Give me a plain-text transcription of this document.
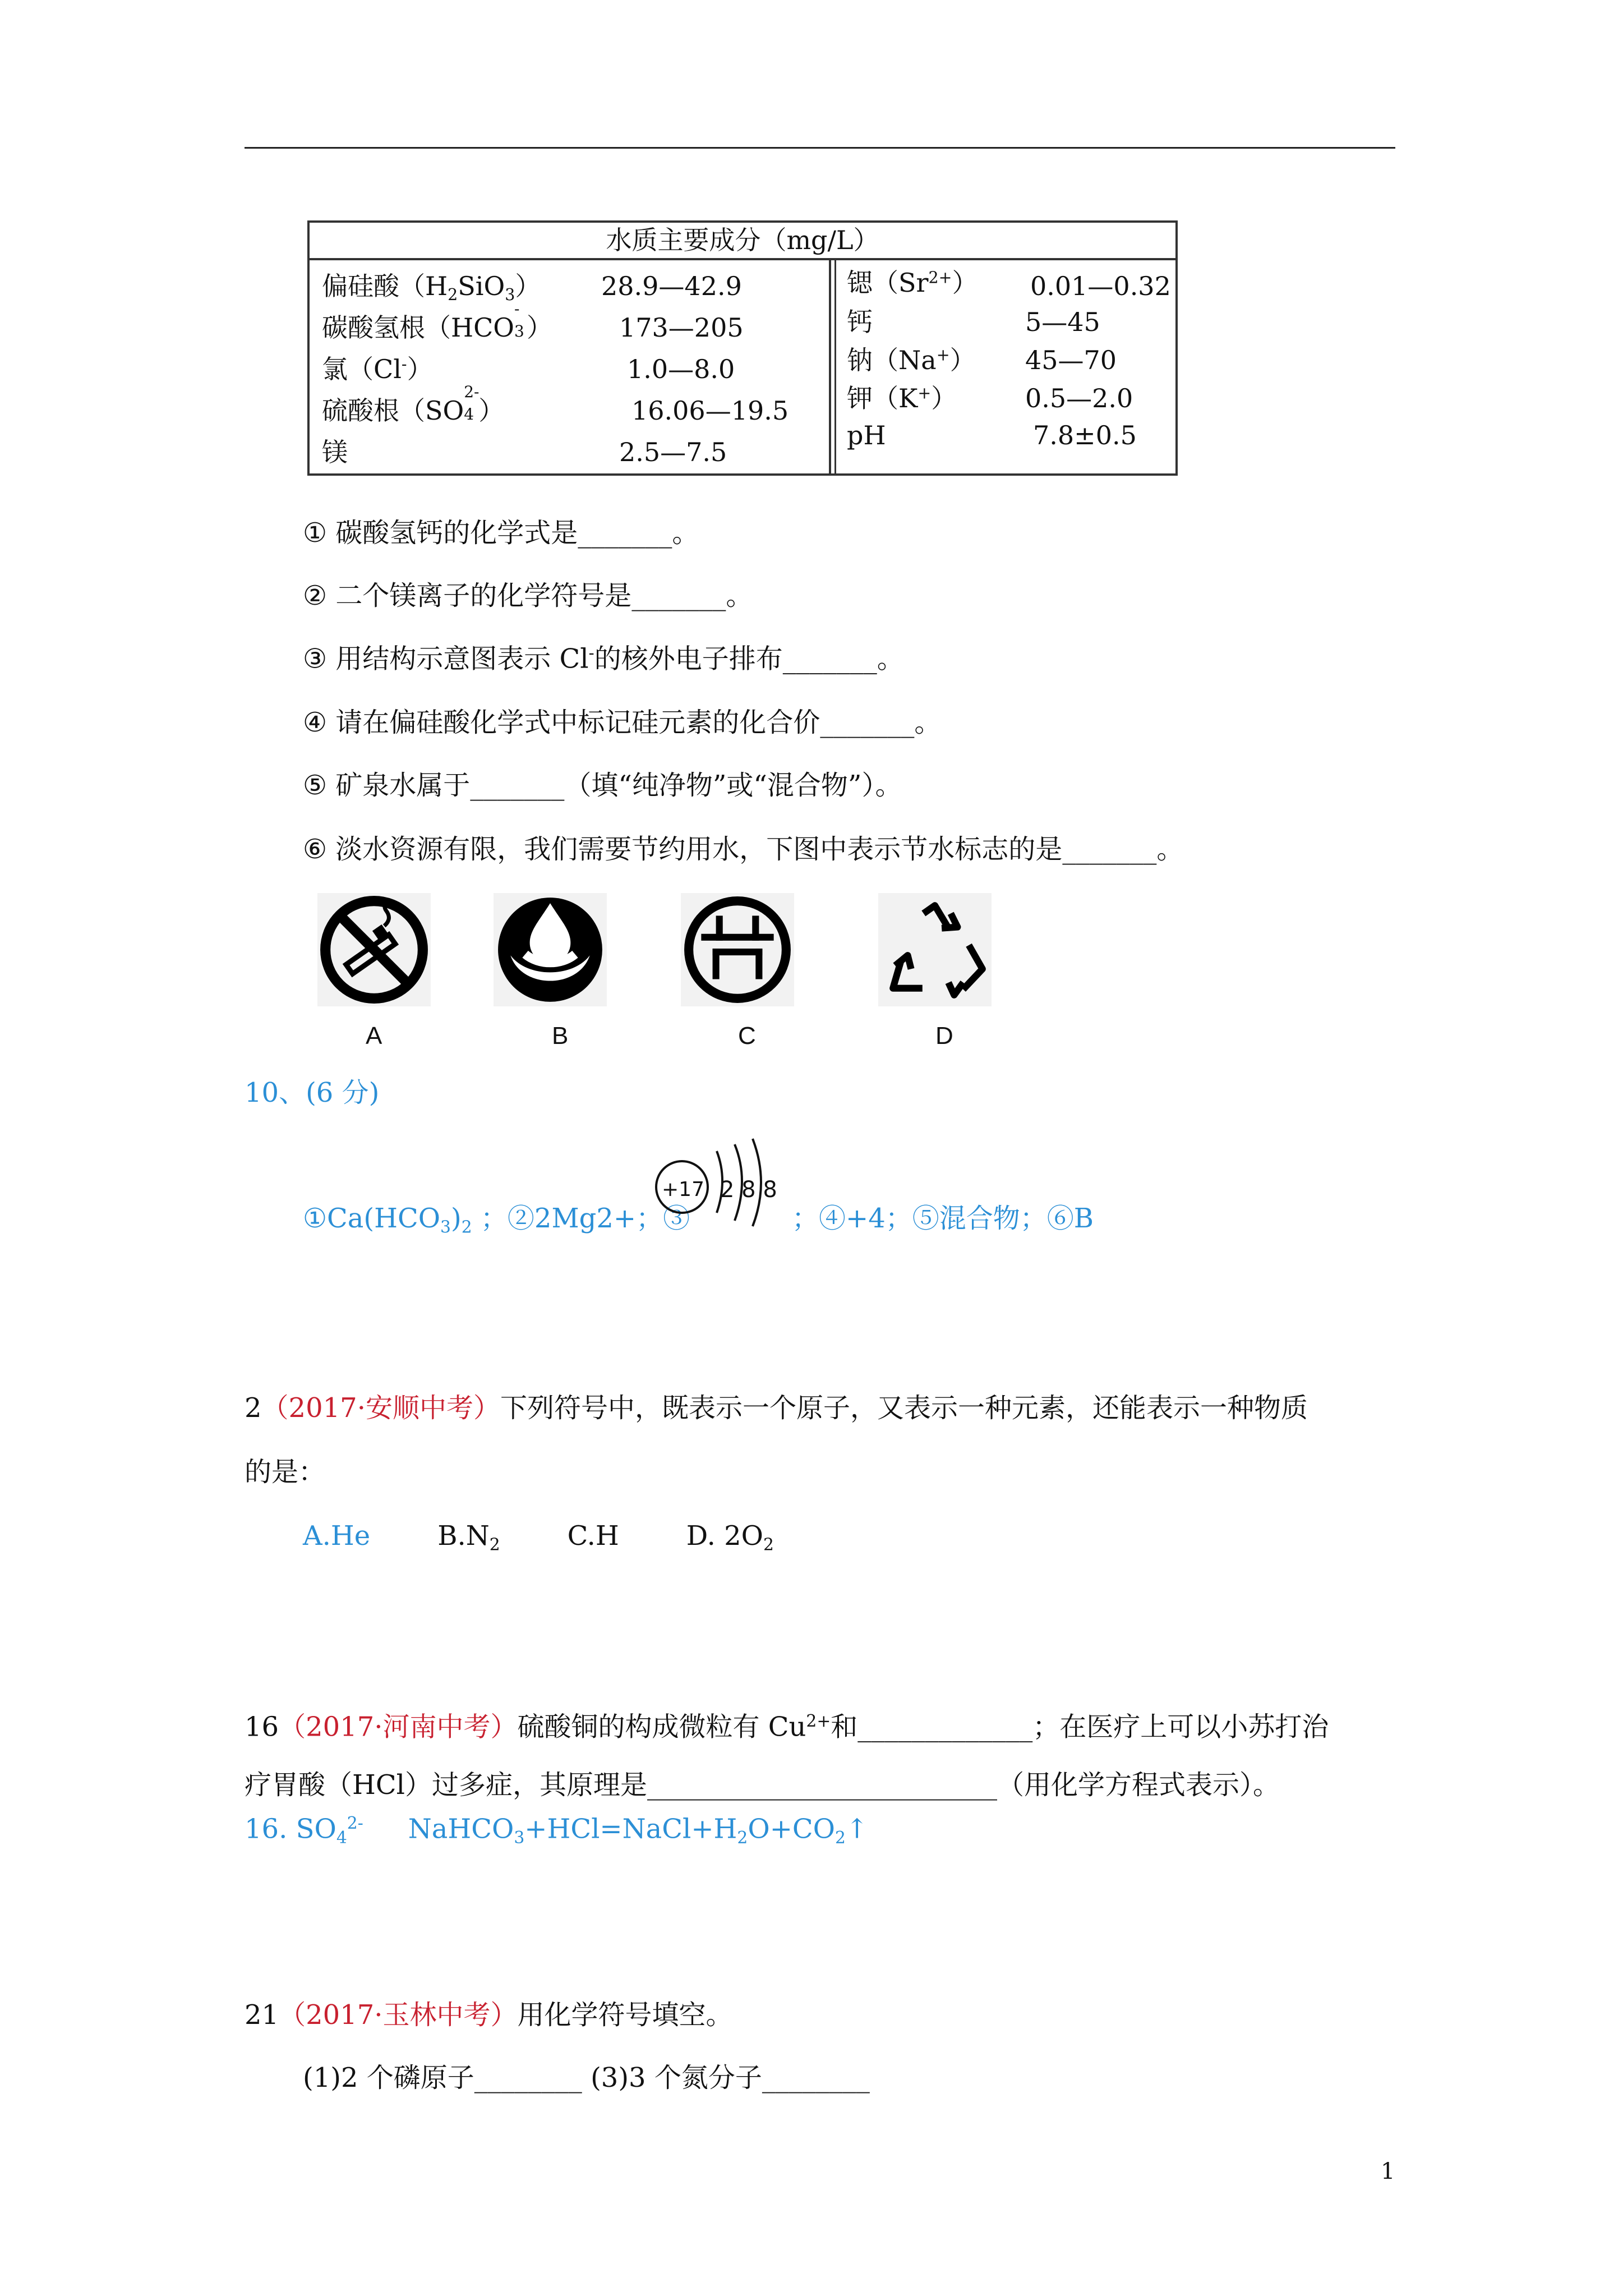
水质主要成分（mg/L）
偏硅酸$(H_2SiO_3)$ 28.9—42.9
碳酸氢根（HCO
-
3 ）	173—205
氯（Cl-）	1.0—8.0
硫酸根（SO
2-
4 ）	16.06—19.5
镁	2.5—7.5
锶$(Sr^{2+})$ 0.01—0.32
钙	5—45
钠（Na+） 45—70
钾（K+）	0.5—2.0
pH	7.8±0.5
① 碳酸氢钙的化学式是_______。
② 二个镁离子的化学符号是_______。
③ 用结构示意图表示 Cl-的核外电子排布_______。
④ 请在偏硅酸化学式中标记硅元素的化合价_______。
⑤ 矿泉水属于_______（填“纯净物”或“混合物”）。
⑥ 淡水资源有限，我们需要节约用水，下图中表示节水标志的是_______。
A	B	C	D
10、(6 分)
$①Ca(HCO_3)_2$ ；②2Mg2+；③
+17 2 8 8
；④+4；⑤混合物；⑥B
2（2017·安顺中考）下列符号中，既表示一个原子，又表示一种元素，还能表示一种物质
的是：
A.He	$B.N_2$	C.H	D. $2O_2$
16（2017·河南中考）硫酸铜的构成微粒有 $Cu^{2+}$和_____________；在医疗上可以小苏打治
疗胃酸（HCl）过多症，其原理是__________________________（用化学方程式表示）。
16. $SO_4^{2-}$ $NaHCO_3+HCl=NaCl+H_2O+CO_2↑$
21（2017·玉林中考）用化学符号填空。
(1)2 个磷原子________ (3)3 个氮分子________
1
